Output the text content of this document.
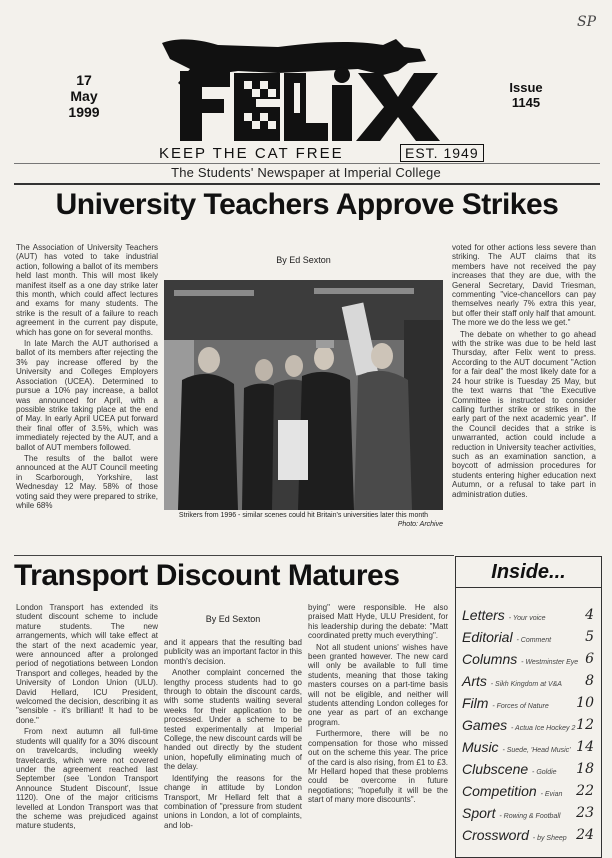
SP
17
May
1999
Issue
1145
KEEP THE CAT FREE	EST. 1949
The Students' Newspaper at Imperial College
University Teachers Approve Strikes

The Association of University Teachers (AUT) has voted to take industrial action, following a ballot of its members held last month. This will most likely manifest itself as a one day strike later this month, which could affect lectures and exams for many students. The strike is the result of a failure to reach agreement in the current pay dispute, which has gone on for several months.

In late March the AUT authorised a ballot of its members after rejecting the 3% pay increase offered by the University and Colleges Employers Association (UCEA). Determined to pursue a 10% pay increase, a ballot was announced for April, with a possible strike taking place at the end of May. In early April UCEA put forward their final offer of 3.5%, which was immediately rejected by the AUT, and a ballot of AUT members followed.

The results of the ballot were announced at the AUT Council meeting in Scarborough, Yorkshire, last Wednesday 12 May. 58% of those voting said they were prepared to strike, while 68%

By Ed Sexton
Strikers from 1996 - similar scenes could hit Britain's universities later this month
Photo: Archive

voted for other actions less severe than striking. The AUT claims that its members have not received the pay increases that they are due, with the General Secretary, David Triesman, commenting "vice-chancellors can pay themselves nearly 7% extra this year, but offer their staff only half that amount. The more we do the less we get."

The debate on whether to go ahead with the strike was due to be held last Thursday, after Felix went to press. According to the AUT document "Action for a fair deal" the most likely date for a 24 hour strike is Tuesday 25 May, but the text warns that "the Executive Committee is instructed to consider calling further strike or strikes in the early part of the next academic year". If the Council decides that a strike is unwarranted, action could include a reduction in University teacher activities, such as an examination sanction, a boycott of admission procedures for students entering higher education next Autumn, or a refusal to take part in administration duties.

Transport Discount Matures

London Transport has extended its student discount scheme to include mature students. The new arrangements, which will take effect at the start of the next academic year, were announced after a prolonged period of negotiations between London Transport and colleges, headed by the University of London Union (ULU). David Hellard, ICU President, welcomed the decision, describing it as "sensible - it's brilliant! It had to be done."

From next autumn all full-time students will qualify for a 30% discount on travelcards, including weekly travelcards, which were not covered under the agreement reached last September (see 'London Transport Announce Student Discount', Issue 1120). One of the major criticisms levelled at London Transport was that the scheme was prejudiced against mature students,

By Ed Sexton

and it appears that the resulting bad publicity was an important factor in this month's decision.

Another complaint concerned the lengthy process students had to go through to obtain the discount cards, with some students waiting several weeks for their application to be processed. Under a scheme to be tested experimentally at Imperial College, the new discount cards will be handed out directly by the student union, hopefully eliminating much of the delay.

Identifying the reasons for the change in attitude by London Transport, Mr Hellard felt that a combination of "pressure from student unions in London, a lot of complaints, and lob-

bying" were responsible. He also praised Matt Hyde, ULU President, for his leadership during the debate: "Matt coordinated pretty much everything".

Not all student unions' wishes have been granted however. The new card will only be available to full time students, meaning that those taking masters courses on a part-time basis will not be eligible, and neither will students attending London colleges for one year as part of an exchange program.

Furthermore, there will be no compensation for those who missed out on the scheme this year. The price of the card is also rising, from £1 to £3. Mr Hellard hoped that these problems could be overcome in future negotiations; "hopefully it will be the start of many more discounts".

Inside...
Letters - Your voice	4
Editorial - Comment 5
Columns - Westminster Eye 6
Arts - Sikh Kingdom at V&A 8
Film - Forces of Nature 10
Games - Actua Ice Hockey 2 12
Music - Suede, 'Head Music' 14
Clubscene - Goldie 18
Competition - Evian 22
Sport - Rowing & Football 23
Crossword - by Sheep 24
